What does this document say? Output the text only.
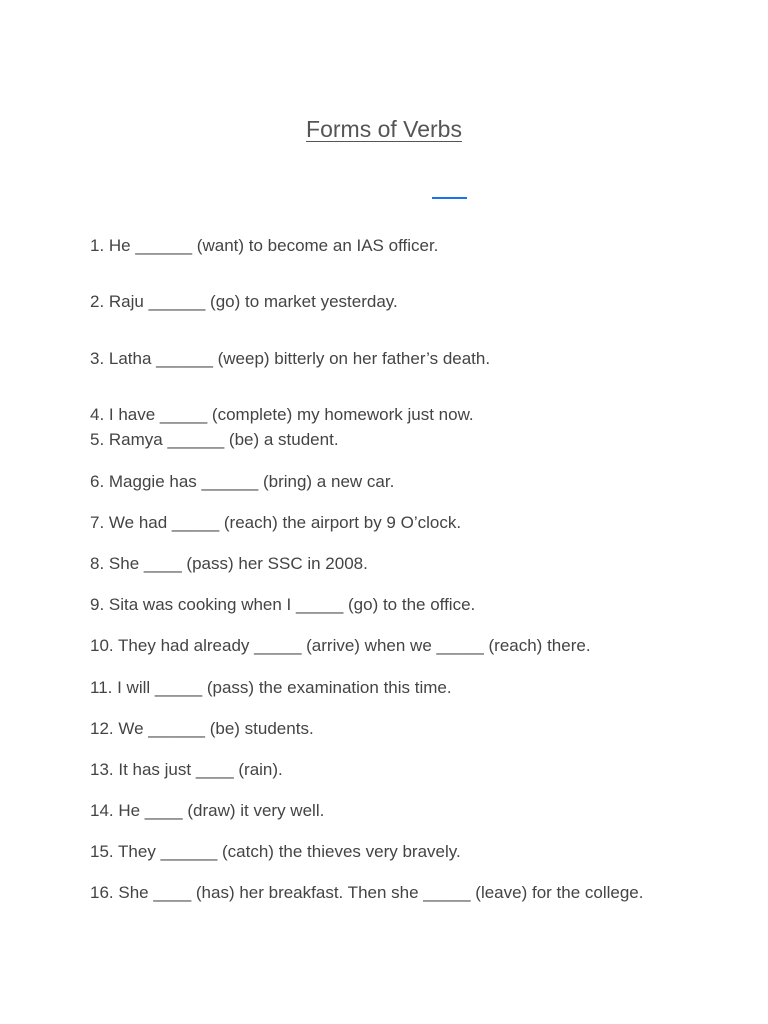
Forms of Verbs
1. He ______ (want) to become an IAS officer.
2. Raju ______ (go) to market yesterday.
3. Latha ______ (weep) bitterly on her father’s death.
4. I have _____ (complete) my homework just now.
5. Ramya ______ (be) a student.
6. Maggie has ______ (bring) a new car.
7. We had _____ (reach) the airport by 9 O’clock.
8. She ____ (pass) her SSC in 2008.
9. Sita was cooking when I _____ (go) to the office.
10. They had already _____ (arrive) when we _____ (reach) there.
11. I will _____ (pass) the examination this time.
12. We ______ (be) students.
13. It has just ____ (rain).
14. He ____ (draw) it very well.
15. They ______ (catch) the thieves very bravely.
16. She ____ (has) her breakfast. Then she _____ (leave) for the college.
